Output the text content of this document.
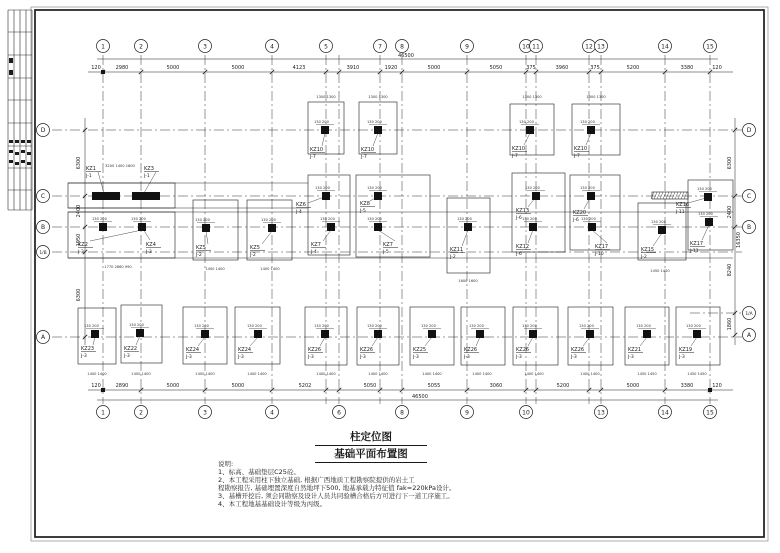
120	2980	5000	5000	4123	3910	1920	5000	5050	375	3960	375	5200	3380	120
120	2890	5000	5000	5202	5050	5055	3060	5200	5000	3380	120
46500
46500
6300
2400
1950
6300
6300
2400
8240
1860
16350
1
1
2
2
3
3
4
4
5
6
7	8
8
9
9
10
10
11	12 13
13
14
14
15
15
D
C
B
1/B
A
D
C
B
1/A
A
130 200	130 200	130 200	130 200
130 200	130 200	130 200	130 200
130 200
130 200
130 200
130 200	130 200
130 200
130 200
130 200
130 200
130 200
130 200
130 200
130 200	130 200	130 200	130 200	130 200	130 200	130 200	130 200	130 200	130 200	130 200	130 200
KZ10
J-7
1300 1300
KZ10
J-7
1300 1300
KZ10
J-7
1300 1300
KZ10
J-7
1300 1300
3200 1400 1600
KZ2
J-3
1770 2860 990
KZ5
J-2
1400 1400
KZ5
J-2
1400 1400
KZ7
J-4
KZ7
J-5	KZ11
J-2
1600 1600
KZ12
J-6
KZ17
J-10
KZ15
J-2
1450 1450
KZ17
J-11
KZ23
J-3
1400 1400
KZ22
J-3
1400 1400
KZ24
J-3
1400 1400
KZ24
J-3
1400 1400
KZ26
J-3
1400 1400
KZ26
J-3
1400 1400
KZ25
J-3
1400 1400
KZ26
J-3
1400 1400
KZ26
J-3
1400 1400
KZ26
J-3
1400 1400
KZ21
J-3
1450 1450
KZ19
J-3
1450 1450
KZ1
J-1
KZ3
J-1
KZ4
J-3
KZ6
J-4
KZ8
J-5	KZ13
J-6
KZ20
J-6
KZ16
J-11
柱定位图
基础平面布置图
说明:
1、标高、基础垫层C25砼。
2、本工程采用柱下独立基础, 根据广西地质工程勘察院提供的岩土工
程勘察报告, 基础埋置深度自然地坪下500, 地基承载力特征值 fak=220kPa设计。
3、基槽开挖后, 须会同勘察及设计人员共同验槽合格后方可进行下一道工序施工。
4、本工程地基基础设计等级为丙级。
